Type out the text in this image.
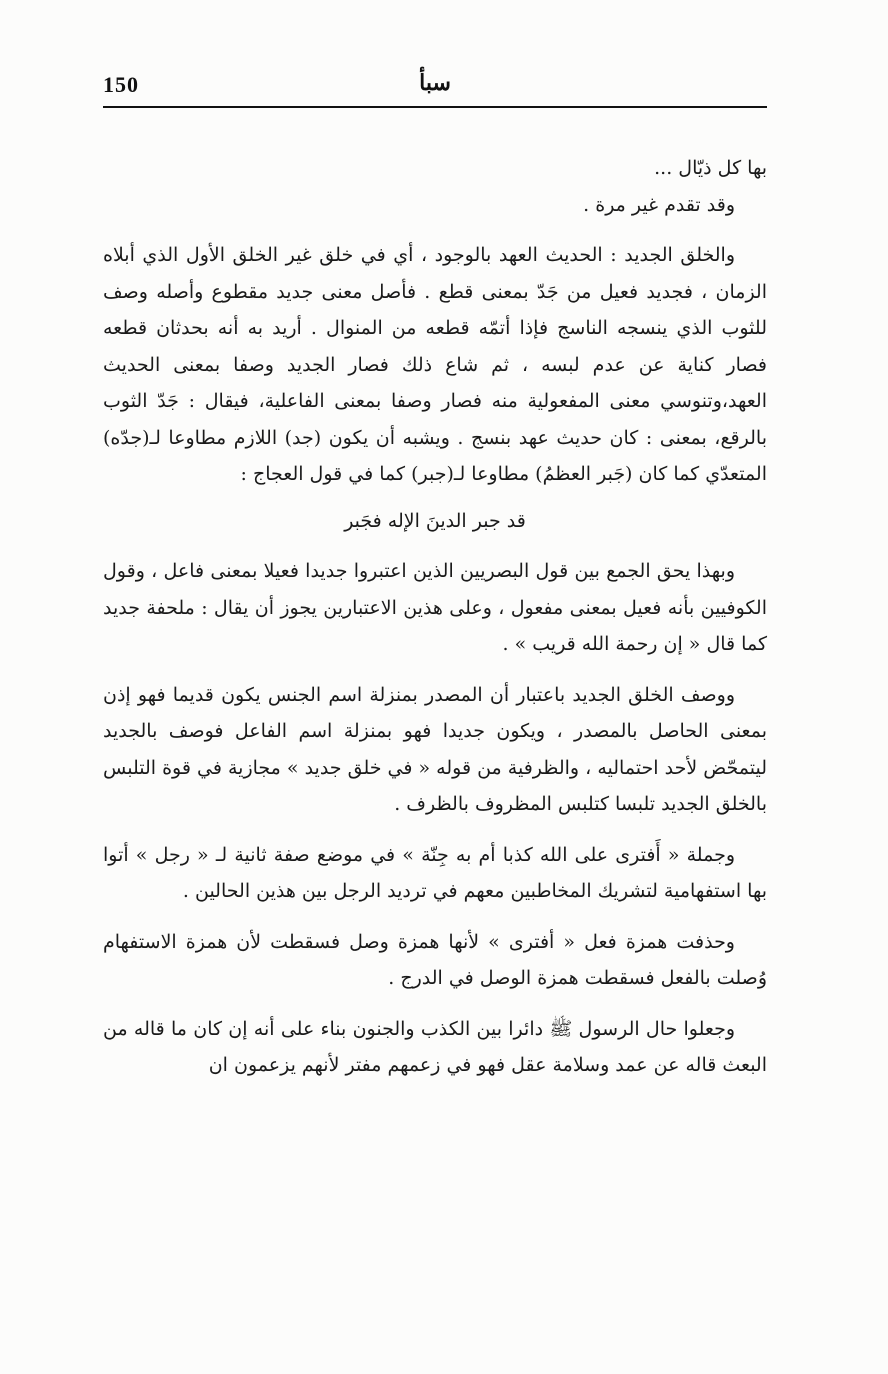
150	سبأ

بها كل ذيّال ...

وقد تقدم غير مرة .

والخلق الجديد : الحديث العهد بالوجود ، أي في خلق غير الخلق الأول الذي أبلاه الزمان ، فجديد فعيل من جَدّ بمعنى قطع . فأصل معنى جديد مقطوع وأصله وصف للثوب الذي ينسجه الناسج فإذا أتمّه قطعه من المنوال . أريد به أنه بحدثان قطعه فصار كناية عن عدم لبسه ، ثم شاع ذلك فصار الجديد وصفا بمعنى الحديث العهد،وتنوسي معنى المفعولية منه فصار وصفا بمعنى الفاعلية، فيقال : جَدّ الثوب بالرقع، بمعنى : كان حديث عهد بنسج . ويشبه أن يكون (جد) اللازم مطاوعا لـ(جدّه) المتعدّي كما كان (جَبر العظمُ) مطاوعا لـ(جبر) كما في قول العجاج :

قد جبر الدينَ الإله فجَبر

وبهذا يحق الجمع بين قول البصريين الذين اعتبروا جديدا فعيلا بمعنى فاعل ، وقول الكوفيين بأنه فعيل بمعنى مفعول ، وعلى هذين الاعتبارين يجوز أن يقال : ملحفة جديد كما قال « إن رحمة الله قريب » .

ووصف الخلق الجديد باعتبار أن المصدر بمنزلة اسم الجنس يكون قديما فهو إذن بمعنى الحاصل بالمصدر ، ويكون جديدا فهو بمنزلة اسم الفاعل فوصف بالجديد ليتمحّض لأحد احتماليه ، والظرفية من قوله « في خلق جديد » مجازية في قوة التلبس بالخلق الجديد تلبسا كتلبس المظروف بالظرف .

وجملة « أَفترى على الله كذبا أم به جِنّة » في موضع صفة ثانية لـ « رجل » أتوا بها استفهامية لتشريك المخاطبين معهم في ترديد الرجل بين هذين الحالين .

وحذفت همزة فعل « أفترى » لأنها همزة وصل فسقطت لأن همزة الاستفهام وُصلت بالفعل فسقطت همزة الوصل في الدرج .

وجعلوا حال الرسول ﷺ دائرا بين الكذب والجنون بناء على أنه إن كان ما قاله من البعث قاله عن عمد وسلامة عقل فهو في زعمهم مفتر لأنهم يزعمون ان
